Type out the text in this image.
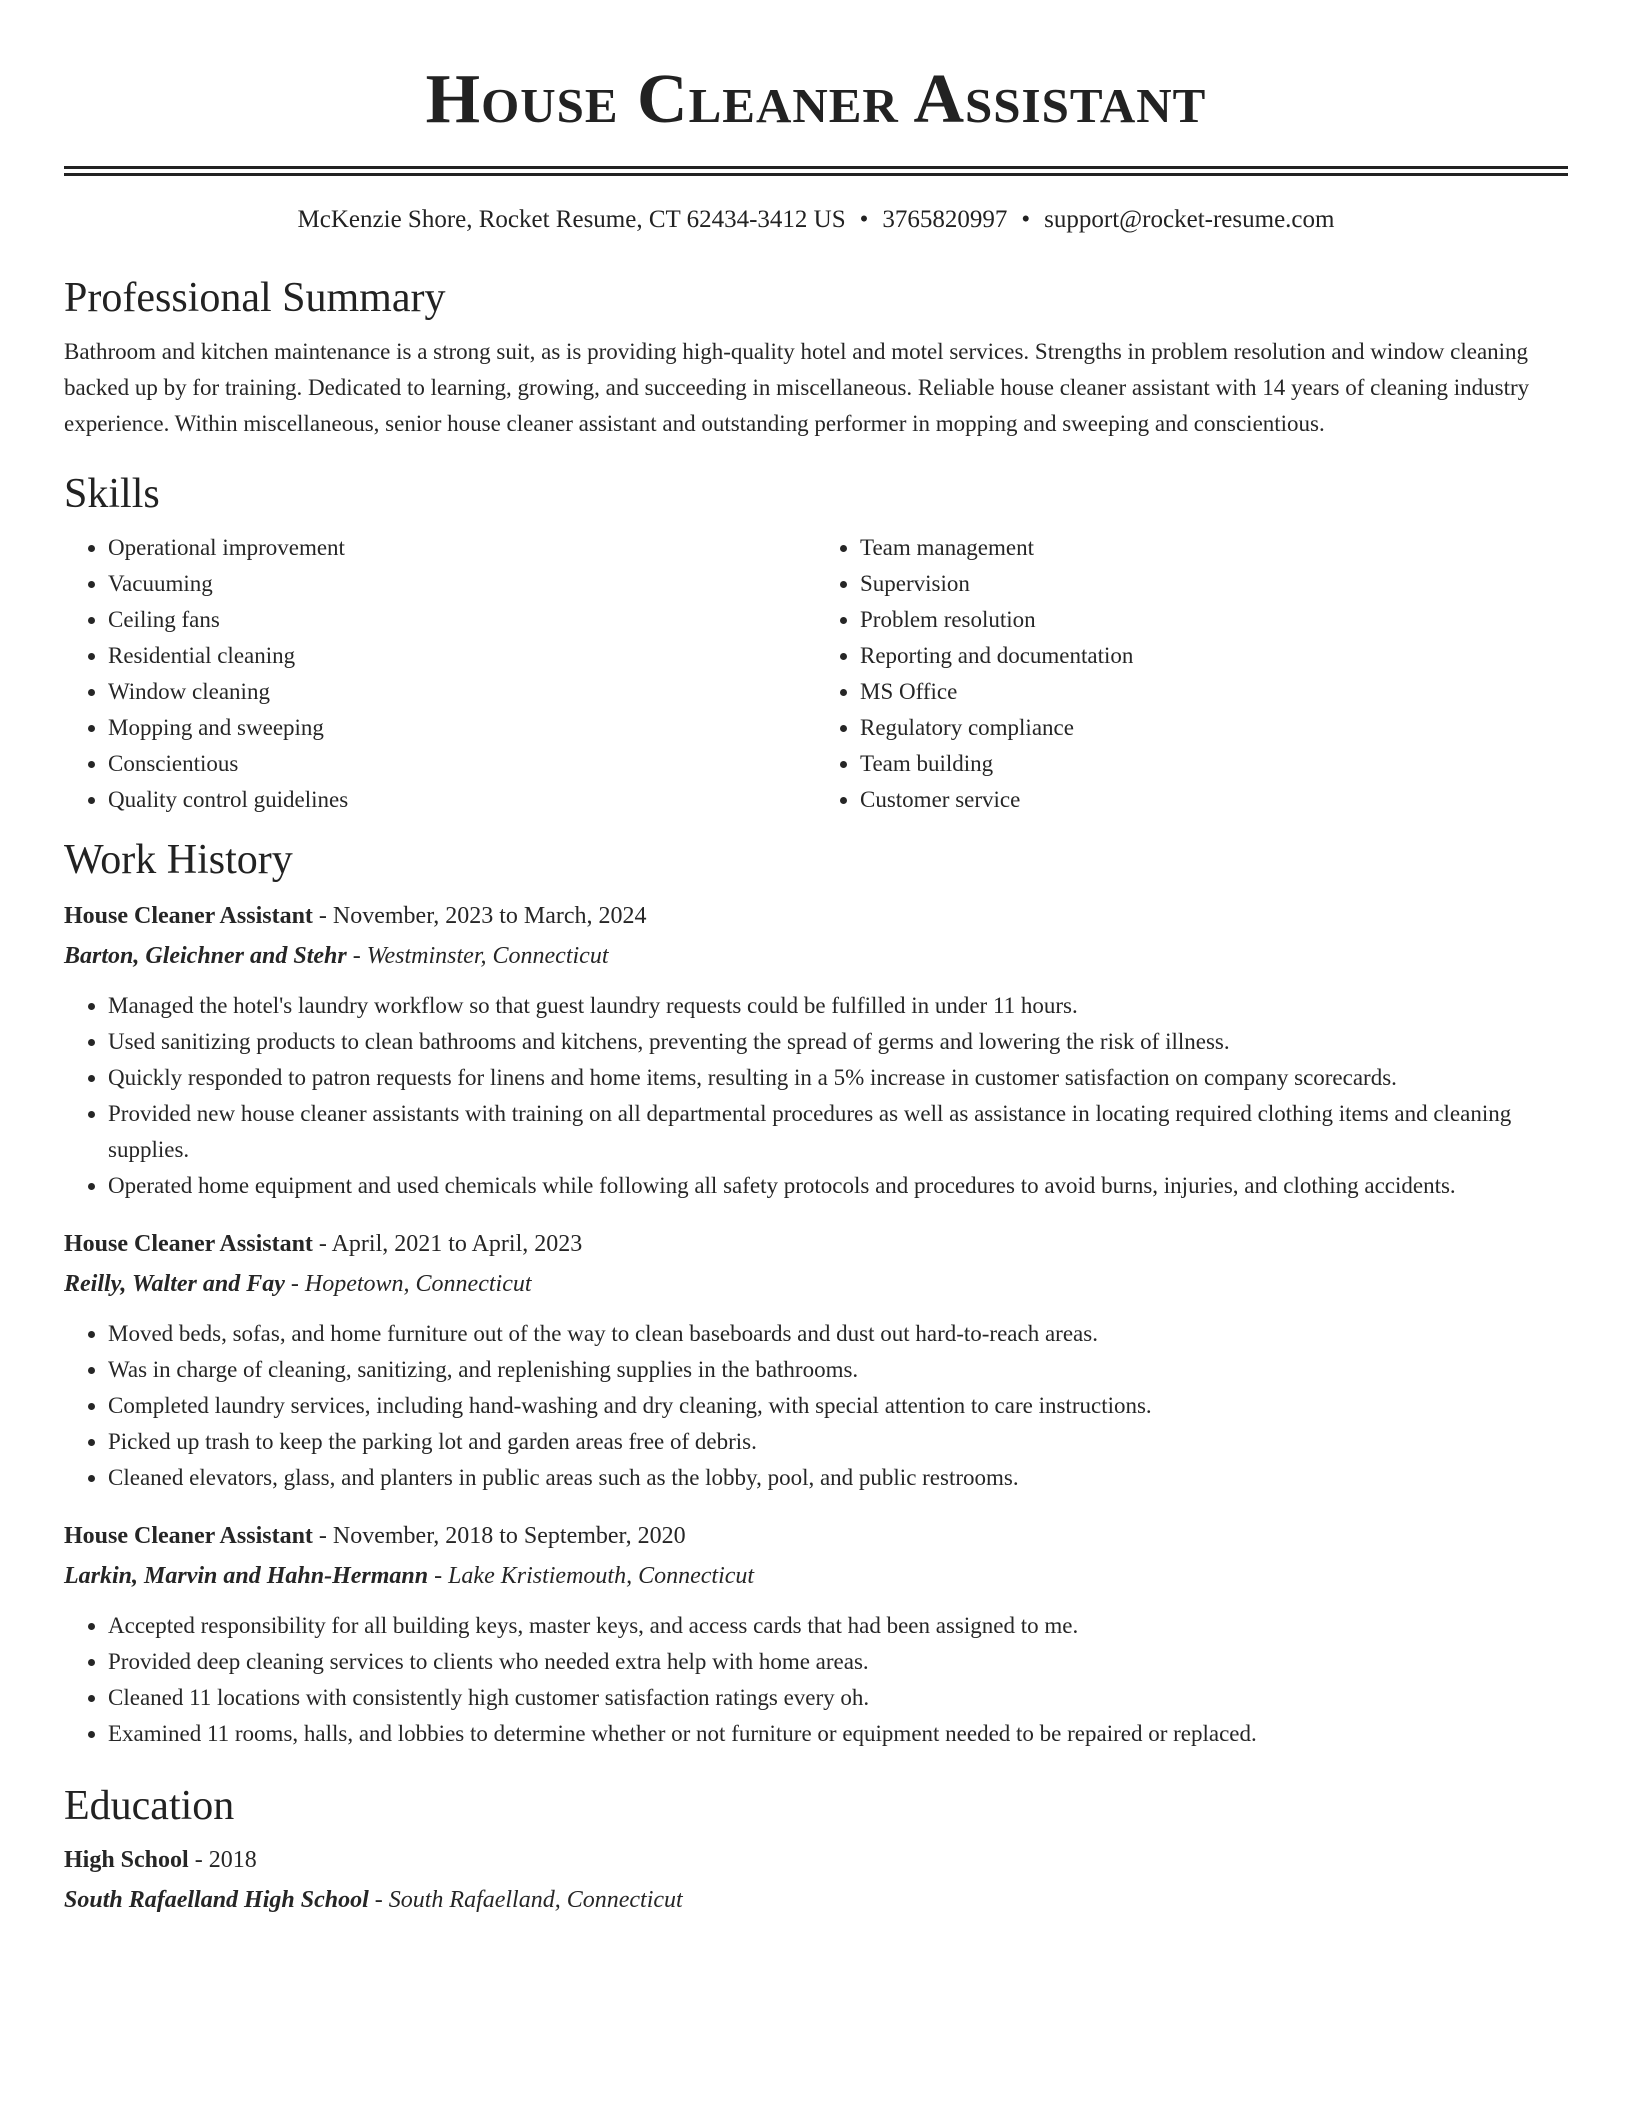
House Cleaner Assistant
McKenzie Shore, Rocket Resume, CT 62434-3412 US • 3765820997 • support@rocket-resume.com
Professional Summary
Bathroom and kitchen maintenance is a strong suit, as is providing high-quality hotel and motel services. Strengths in problem resolution and window cleaning backed up by for training. Dedicated to learning, growing, and succeeding in miscellaneous. Reliable house cleaner assistant with 14 years of cleaning industry experience. Within miscellaneous, senior house cleaner assistant and outstanding performer in mopping and sweeping and conscientious.
Skills
• Operational improvement
• Vacuuming
• Ceiling fans
• Residential cleaning
• Window cleaning
• Mopping and sweeping
• Conscientious
• Quality control guidelines
• Team management
• Supervision
• Problem resolution
• Reporting and documentation
• MS Office
• Regulatory compliance
• Team building
• Customer service
Work History
House Cleaner Assistant - November, 2023 to March, 2024
Barton, Gleichner and Stehr - Westminster, Connecticut
• Managed the hotel's laundry workflow so that guest laundry requests could be fulfilled in under 11 hours.
• Used sanitizing products to clean bathrooms and kitchens, preventing the spread of germs and lowering the risk of illness.
• Quickly responded to patron requests for linens and home items, resulting in a 5% increase in customer satisfaction on company scorecards.
• Provided new house cleaner assistants with training on all departmental procedures as well as assistance in locating required clothing items and cleaning supplies.
• Operated home equipment and used chemicals while following all safety protocols and procedures to avoid burns, injuries, and clothing accidents.
House Cleaner Assistant - April, 2021 to April, 2023
Reilly, Walter and Fay - Hopetown, Connecticut
• Moved beds, sofas, and home furniture out of the way to clean baseboards and dust out hard-to-reach areas.
• Was in charge of cleaning, sanitizing, and replenishing supplies in the bathrooms.
• Completed laundry services, including hand-washing and dry cleaning, with special attention to care instructions.
• Picked up trash to keep the parking lot and garden areas free of debris.
• Cleaned elevators, glass, and planters in public areas such as the lobby, pool, and public restrooms.
House Cleaner Assistant - November, 2018 to September, 2020
Larkin, Marvin and Hahn-Hermann - Lake Kristiemouth, Connecticut
• Accepted responsibility for all building keys, master keys, and access cards that had been assigned to me.
• Provided deep cleaning services to clients who needed extra help with home areas.
• Cleaned 11 locations with consistently high customer satisfaction ratings every oh.
• Examined 11 rooms, halls, and lobbies to determine whether or not furniture or equipment needed to be repaired or replaced.
Education
High School - 2018
South Rafaelland High School - South Rafaelland, Connecticut
